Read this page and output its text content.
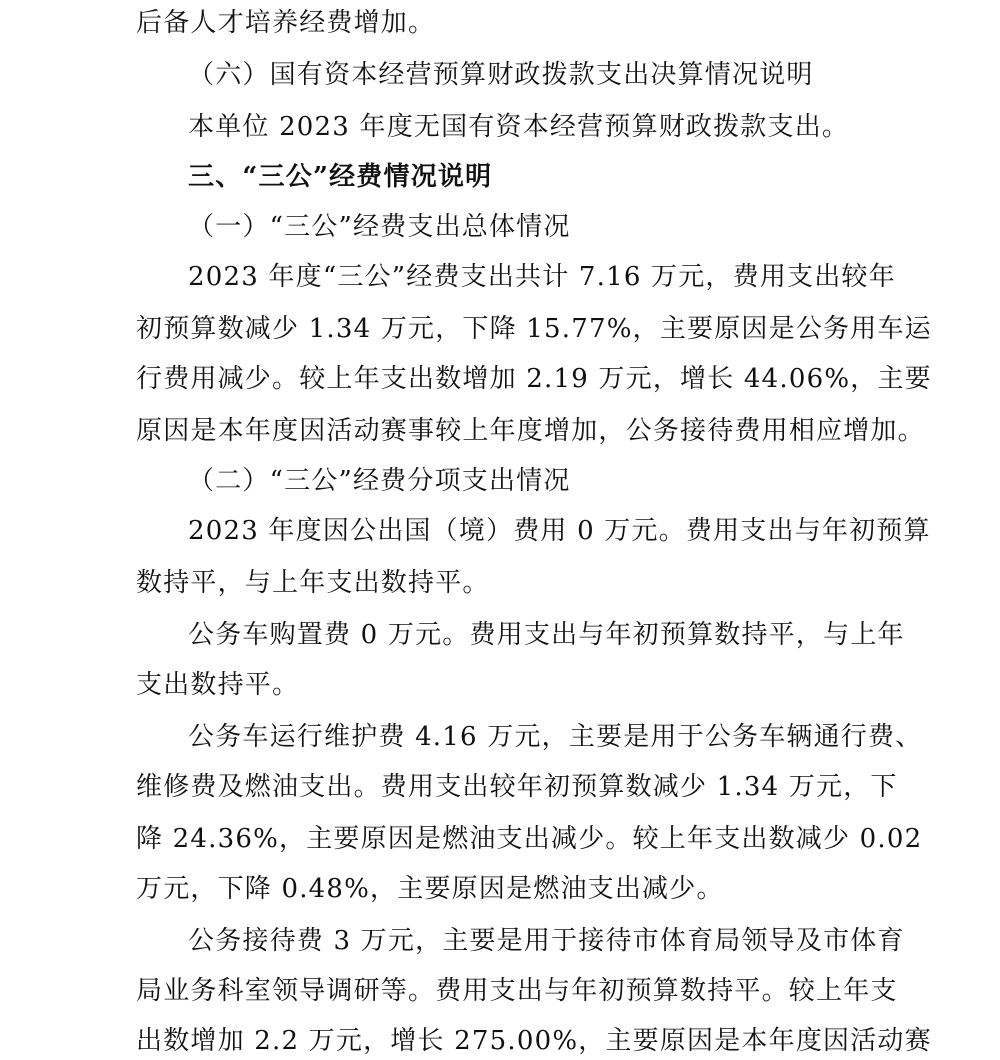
后备人才培养经费增加。
（六）国有资本经营预算财政拨款支出决算情况说明
本单位 2023 年度无国有资本经营预算财政拨款支出。
三、“三公”经费情况说明
（一）“三公”经费支出总体情况
2023 年度“三公”经费支出共计 7.16 万元，费用支出较年
初预算数减少 1.34 万元，下降 15.77%，主要原因是公务用车运
行费用减少。较上年支出数增加 2.19 万元，增长 44.06%，主要
原因是本年度因活动赛事较上年度增加，公务接待费用相应增加。
（二）“三公”经费分项支出情况
2023 年度因公出国（境）费用 0 万元。费用支出与年初预算
数持平，与上年支出数持平。
公务车购置费 0 万元。费用支出与年初预算数持平，与上年
支出数持平。
公务车运行维护费 4.16 万元，主要是用于公务车辆通行费、
维修费及燃油支出。费用支出较年初预算数减少 1.34 万元，下
降 24.36%，主要原因是燃油支出减少。较上年支出数减少 0.02
万元，下降 0.48%，主要原因是燃油支出减少。
公务接待费 3 万元，主要是用于接待市体育局领导及市体育
局业务科室领导调研等。费用支出与年初预算数持平。较上年支
出数增加 2.2 万元，增长 275.00%，主要原因是本年度因活动赛
